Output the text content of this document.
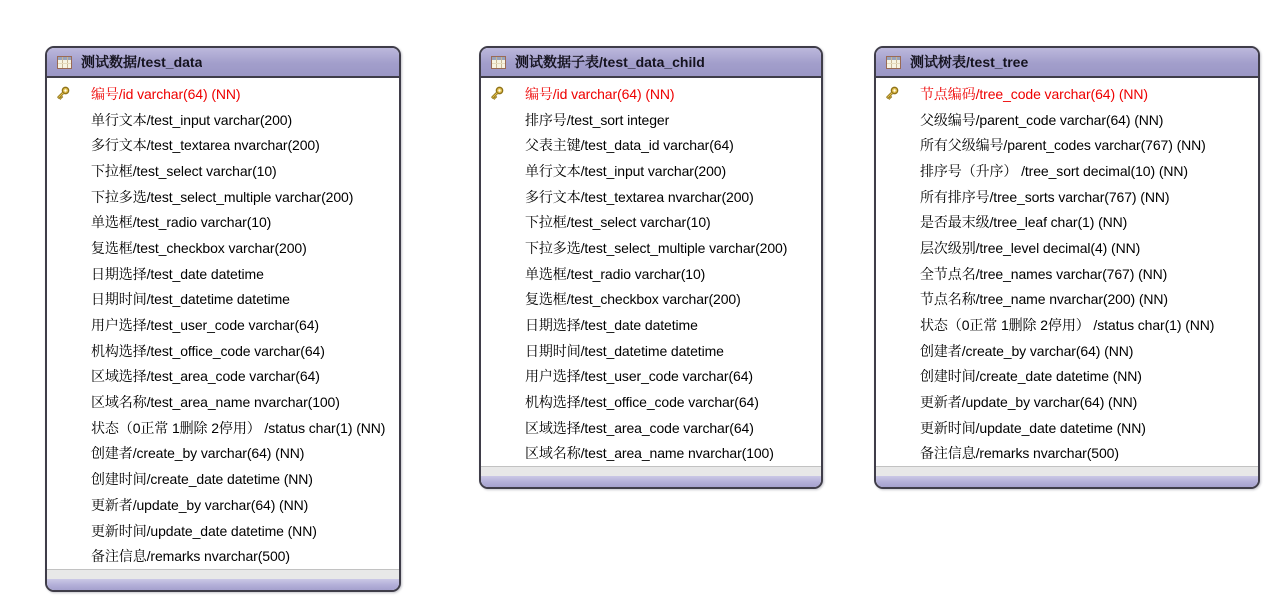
测试数据/test_data
编号/id varchar(64) (NN)
单行文本/test_input varchar(200)
多行文本/test_textarea nvarchar(200)
下拉框/test_select varchar(10)
下拉多选/test_select_multiple varchar(200)
单选框/test_radio varchar(10)
复选框/test_checkbox varchar(200)
日期选择/test_date datetime
日期时间/test_datetime datetime
用户选择/test_user_code varchar(64)
机构选择/test_office_code varchar(64)
区域选择/test_area_code varchar(64)
区域名称/test_area_name nvarchar(100)
状态（0正常 1删除 2停用） /status char(1) (NN)
创建者/create_by varchar(64) (NN)
创建时间/create_date datetime (NN)
更新者/update_by varchar(64) (NN)
更新时间/update_date datetime (NN)
备注信息/remarks nvarchar(500)
测试数据子表/test_data_child
编号/id varchar(64) (NN)
排序号/test_sort integer
父表主键/test_data_id varchar(64)
单行文本/test_input varchar(200)
多行文本/test_textarea nvarchar(200)
下拉框/test_select varchar(10)
下拉多选/test_select_multiple varchar(200)
单选框/test_radio varchar(10)
复选框/test_checkbox varchar(200)
日期选择/test_date datetime
日期时间/test_datetime datetime
用户选择/test_user_code varchar(64)
机构选择/test_office_code varchar(64)
区域选择/test_area_code varchar(64)
区域名称/test_area_name nvarchar(100)
测试树表/test_tree
节点编码/tree_code varchar(64) (NN)
父级编号/parent_code varchar(64) (NN)
所有父级编号/parent_codes varchar(767) (NN)
排序号（升序） /tree_sort decimal(10) (NN)
所有排序号/tree_sorts varchar(767) (NN)
是否最末级/tree_leaf char(1) (NN)
层次级别/tree_level decimal(4) (NN)
全节点名/tree_names varchar(767) (NN)
节点名称/tree_name nvarchar(200) (NN)
状态（0正常 1删除 2停用） /status char(1) (NN)
创建者/create_by varchar(64) (NN)
创建时间/create_date datetime (NN)
更新者/update_by varchar(64) (NN)
更新时间/update_date datetime (NN)
备注信息/remarks nvarchar(500)
